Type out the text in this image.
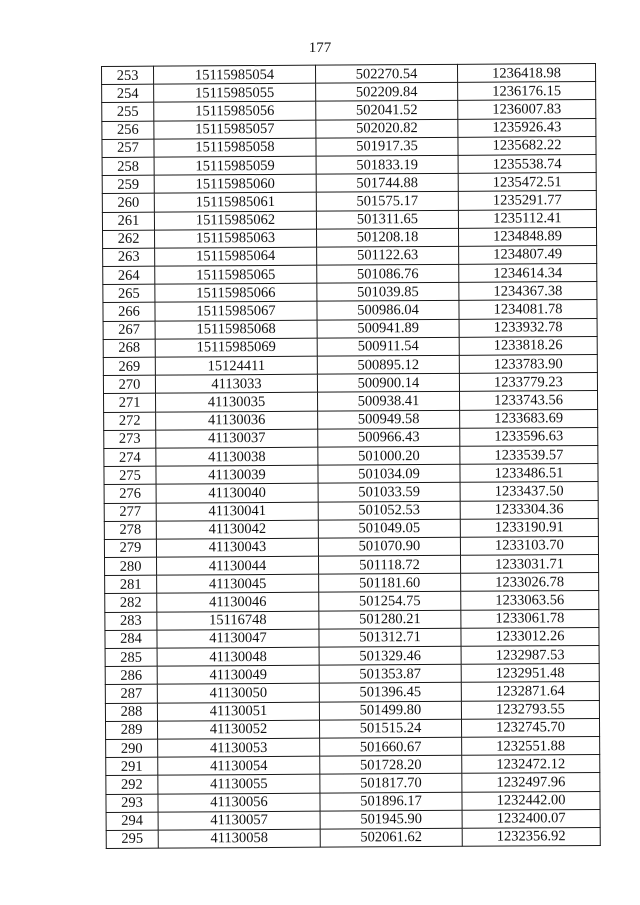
177
253	15115985054	502270.54	1236418.98
254	15115985055	502209.84	1236176.15
255	15115985056	502041.52	1236007.83
256	15115985057	502020.82	1235926.43
257	15115985058	501917.35	1235682.22
258	15115985059	501833.19	1235538.74
259	15115985060	501744.88	1235472.51
260	15115985061	501575.17	1235291.77
261	15115985062	501311.65	1235112.41
262	15115985063	501208.18	1234848.89
263	15115985064	501122.63	1234807.49
264	15115985065	501086.76	1234614.34
265	15115985066	501039.85	1234367.38
266	15115985067	500986.04	1234081.78
267	15115985068	500941.89	1233932.78
268	15115985069	500911.54	1233818.26
269	15124411	500895.12	1233783.90
270	4113033	500900.14	1233779.23
271	41130035	500938.41	1233743.56
272	41130036	500949.58	1233683.69
273	41130037	500966.43	1233596.63
274	41130038	501000.20	1233539.57
275	41130039	501034.09	1233486.51
276	41130040	501033.59	1233437.50
277	41130041	501052.53	1233304.36
278	41130042	501049.05	1233190.91
279	41130043	501070.90	1233103.70
280	41130044	501118.72	1233031.71
281	41130045	501181.60	1233026.78
282	41130046	501254.75	1233063.56
283	15116748	501280.21	1233061.78
284	41130047	501312.71	1233012.26
285	41130048	501329.46	1232987.53
286	41130049	501353.87	1232951.48
287	41130050	501396.45	1232871.64
288	41130051	501499.80	1232793.55
289	41130052	501515.24	1232745.70
290	41130053	501660.67	1232551.88
291	41130054	501728.20	1232472.12
292	41130055	501817.70	1232497.96
293	41130056	501896.17	1232442.00
294	41130057	501945.90	1232400.07
295	41130058	502061.62	1232356.92
